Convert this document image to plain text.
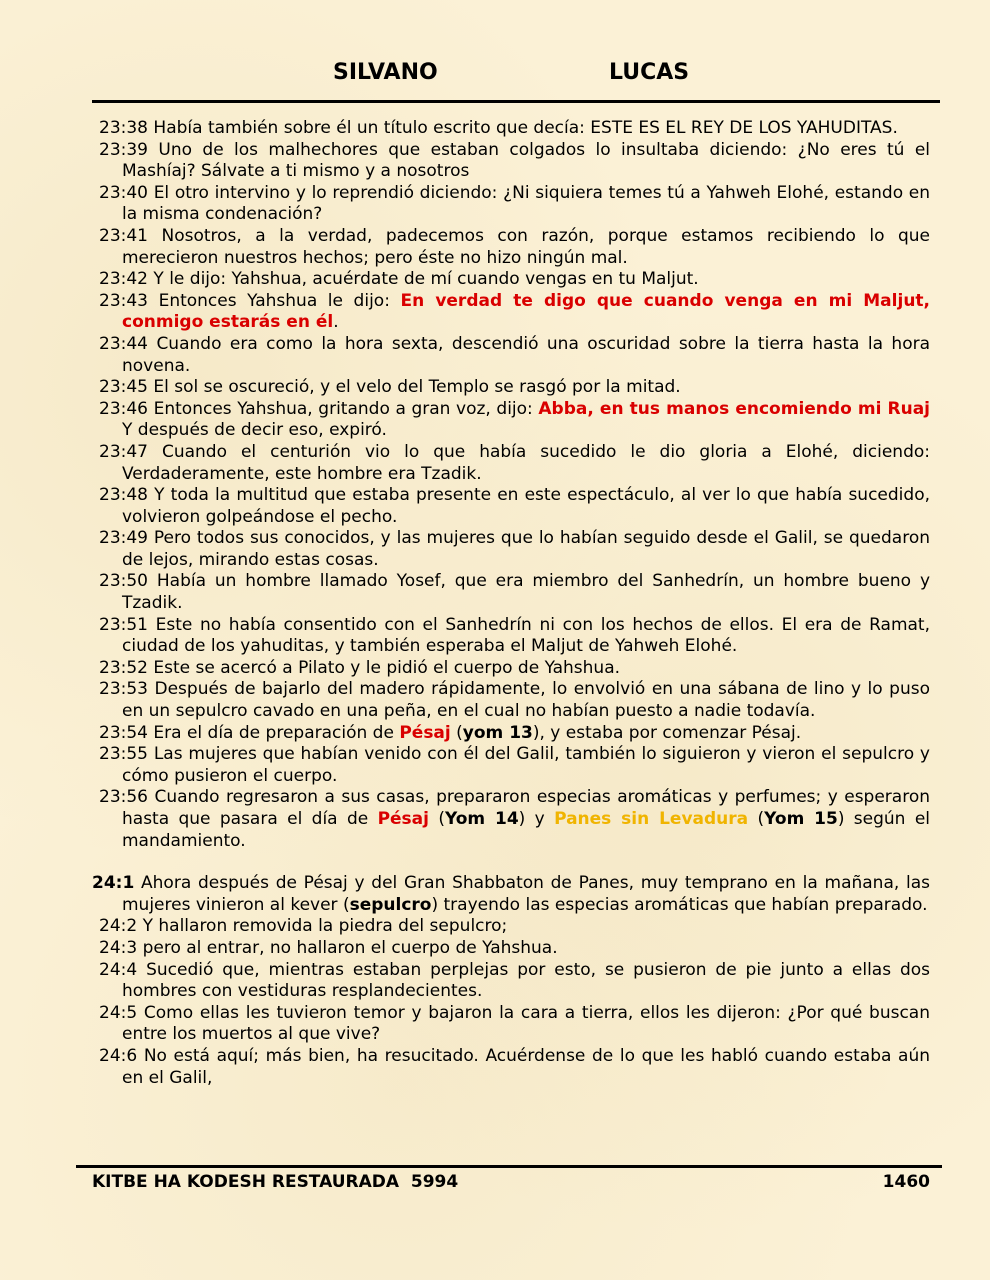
SILVANO	LUCAS

23:38 Había también sobre él un título escrito que decía: ESTE ES EL REY DE LOS YAHUDITAS.

23:39 Uno de los malhechores que estaban colgados lo insultaba diciendo: ¿No eres tú el Mashíaj? Sálvate a ti mismo y a nosotros

23:40 El otro intervino y lo reprendió diciendo: ¿Ni siquiera temes tú a Yahweh Elohé, estando en la misma condenación?

23:41 Nosotros, a la verdad, padecemos con razón, porque estamos recibiendo lo que merecieron nuestros hechos; pero éste no hizo ningún mal.

23:42 Y le dijo: Yahshua, acuérdate de mí cuando vengas en tu Maljut.

23:43 Entonces Yahshua le dijo: En verdad te digo que cuando venga en mi Maljut, conmigo estarás en él.

23:44 Cuando era como la hora sexta, descendió una oscuridad sobre la tierra hasta la hora novena.

23:45 El sol se oscureció, y el velo del Templo se rasgó por la mitad.

23:46 Entonces Yahshua, gritando a gran voz, dijo: Abba, en tus manos encomiendo mi Ruaj Y después de decir eso, expiró.

23:47 Cuando el centurión vio lo que había sucedido le dio gloria a Elohé, diciendo: Verdaderamente, este hombre era Tzadik.

23:48 Y toda la multitud que estaba presente en este espectáculo, al ver lo que había sucedido, volvieron golpeándose el pecho.

23:49 Pero todos sus conocidos, y las mujeres que lo habían seguido desde el Galil, se quedaron de lejos, mirando estas cosas.

23:50 Había un hombre llamado Yosef, que era miembro del Sanhedrín, un hombre bueno y Tzadik.

23:51 Este no había consentido con el Sanhedrín ni con los hechos de ellos. El era de Ramat, ciudad de los yahuditas, y también esperaba el Maljut de Yahweh Elohé.

23:52 Este se acercó a Pilato y le pidió el cuerpo de Yahshua.

23:53 Después de bajarlo del madero rápidamente, lo envolvió en una sábana de lino y lo puso en un sepulcro cavado en una peña, en el cual no habían puesto a nadie todavía.

23:54 Era el día de preparación de Pésaj (yom 13), y estaba por comenzar Pésaj.

23:55 Las mujeres que habían venido con él del Galil, también lo siguieron y vieron el sepulcro y cómo pusieron el cuerpo.

23:56 Cuando regresaron a sus casas, prepararon especias aromáticas y perfumes; y esperaron hasta que pasara el día de Pésaj (Yom 14) y Panes sin Levadura (Yom 15) según el mandamiento.

24:1 Ahora después de Pésaj y del Gran Shabbaton de Panes, muy temprano en la mañana, las mujeres vinieron al kever (sepulcro) trayendo las especias aromáticas que habían preparado.

24:2 Y hallaron removida la piedra del sepulcro;

24:3 pero al entrar, no hallaron el cuerpo de Yahshua.

24:4 Sucedió que, mientras estaban perplejas por esto, se pusieron de pie junto a ellas dos hombres con vestiduras resplandecientes.

24:5 Como ellas les tuvieron temor y bajaron la cara a tierra, ellos les dijeron: ¿Por qué buscan entre los muertos al que vive?

24:6 No está aquí; más bien, ha resucitado. Acuérdense de lo que les habló cuando estaba aún en el Galil,

KITBE HA KODESH RESTAURADA  5994	1460
